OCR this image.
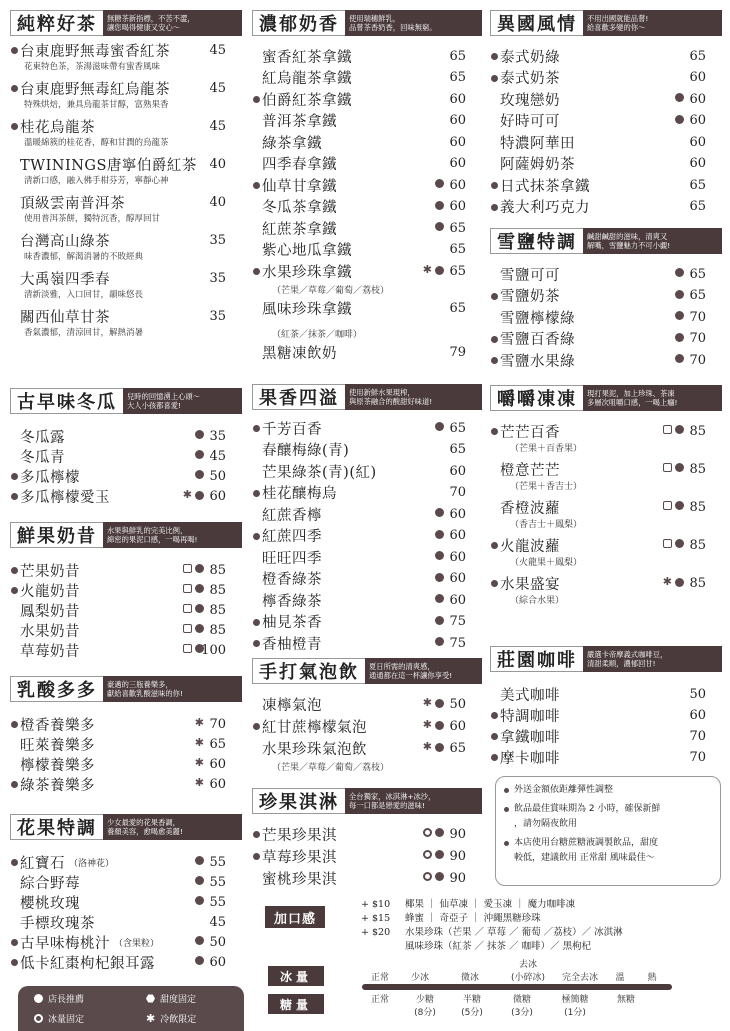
純粹好茶	無糖茶新指標，不苦不澀，
讓您喝得健康又安心～
台東鹿野無毒蜜香紅茶	45
花東特色茶，茶湯滋味帶有蜜香風味
台東鹿野無毒紅烏龍茶	45
特殊烘焙，兼具烏龍茶甘醇，富熟果香
桂花烏龍茶	45
溫暖綿簇的桂花香，醇和甘潤的烏龍茶
TWININGS唐寧伯爵紅茶 40
清新口感，融入佛手柑芬芳，寧靜心神
頂級雲南普洱茶	40
使用普洱茶餅，獨特沉香，醇厚回甘
台灣高山綠茶	35
味香濃郁，解渴消暑的不敗經典
大禹嶺四季春	35
清新淡雅，入口回甘，韻味悠長
關西仙草甘茶	35
香氣濃郁，清涼回甘，解熱消暑
古早味冬瓜	兒時的回憶湧上心頭～
大人小孩都喜愛!
冬瓜露	35
冬瓜青	45
多瓜檸檬	50
多瓜檸檬愛玉	✱ 60
鮮果奶昔	水果與鮮乳的完美比例，
綿密的果泥口感，一喝再喝!
芒果奶昔	85
火龍奶昔	85
鳳梨奶昔	85
水果奶昔	85
草莓奶昔	100
乳酸多多	豪邁的三瓶養樂多，
獻給喜歡乳酸滋味的你!
橙香養樂多	✱ 70
旺萊養樂多	✱ 65
檸檬養樂多	✱ 60
綠茶養樂多	✱ 60
花果特調	少女最愛的花果香調，
養顏美容，愈喝愈美麗!
紅寶石 （洛神花）	55
綜合野莓	55
櫻桃玫瑰	55
手標玫瑰茶	45
古早味梅桃汁 （含果粒）	50
低卡紅棗枸杞銀耳露	60
濃郁奶香	使用瑞穗鮮乳，
品嘗茶香奶香，回味無窮。
蜜香紅茶拿鐵	65
紅烏龍茶拿鐵	65
伯爵紅茶拿鐵	60
普洱茶拿鐵	60
綠茶拿鐵	60
四季春拿鐵	60
仙草甘拿鐵	60
冬瓜茶拿鐵	60
紅蔗茶拿鐵	65
紫心地瓜拿鐵	65
水果珍珠拿鐵	✱ 65
（芒果／草莓／葡萄／荔枝）
風味珍珠拿鐵	65
（紅茶／抹茶／咖啡）
黑糖凍飲奶	79
果香四溢	使用新鮮水果現榨，
與原茶融合的酸甜好味道!
千芳百香	65
春釀梅綠(青)	65
芒果綠茶(青)(紅)	60
桂花釀梅烏	70
紅蔗香檸	60
紅蔗四季	60
旺旺四季	60
橙香綠茶	60
檸香綠茶	60
柚見茶香	75
香柚橙青	75
手打氣泡飲	夏日所需的清爽感，
通通都在這一杯讓你享受!
凍檸氣泡	✱ 50
紅甘蔗檸檬氣泡	✱ 60
水果珍珠氣泡飲	✱ 65
（芒果／草莓／葡萄／荔枝）
珍果淇淋	全台獨家，冰淇淋+冰沙，
每一口都是戀愛的滋味!
芒果珍果淇	90
草莓珍果淇	90
蜜桃珍果淇	90
異國風情	不用出國就能品嘗!
給喜歡多變的你～
泰式奶綠	65
泰式奶茶	60
玫瑰戀奶	60
好時可可	60
特濃阿華田	60
阿薩姆奶茶	60
日式抹茶拿鐵	65
義大利巧克力	65
雪鹽特調	鹹甜鹹甜的滋味，清爽又
解嘴，雪鹽魅力不可小覷!
雪鹽可可	65
雪鹽奶茶	65
雪鹽檸檬綠	70
雪鹽百香綠	70
雪鹽水果綠	70
嚼嚼凍凍	現打果泥，加上珍珠、茶凍
多層次咀嚼口感，一喝上癮!
芒芒百香	85
（芒果＋百香果）
橙意芒芒	85
（芒果＋香吉士）
香橙波蘿	85
（香吉士＋鳳梨）
火龍波蘿	85
（火龍果＋鳳梨）
水果盛宴	✱ 85
（綜合水果）
莊園咖啡	嚴選卡帝摩義式咖啡豆，
清甜柔順，濃郁回甘!
美式咖啡	50
特調咖啡	60
拿鐵咖啡	70
摩卡咖啡	70
外送金額依距離彈性調整
飲品最佳賞味期為 2 小時，確保新鮮
，請勿隔夜飲用
本店使用台糖蔗糖液調製飲品，甜度
較低，建議飲用 正常甜 風味最佳～
加口感
+ $10 椰果 ｜ 仙草凍 ｜ 愛玉凍 ｜ 魔力咖啡凍
+ $15 蜂蜜 ｜ 奇亞子 ｜ 沖繩黑糖珍珠
+ $20 水果珍珠（芒果 ／ 草莓 ／ 葡萄 ／荔枝）／ 冰淇淋
風味珍珠（紅茶 ／ 抹茶 ／ 咖啡）／ 黑枸杞
冰量
糖量
正常	少冰	微冰
去冰
(小碎冰)	完全去冰	溫	熱
正常	少糖
(8分)
半糖
(5分)
微糖
(3分)
極簡糖
(1分)
無糖
店長推薦	甜度固定
冰量固定	✱ 冷飲限定
